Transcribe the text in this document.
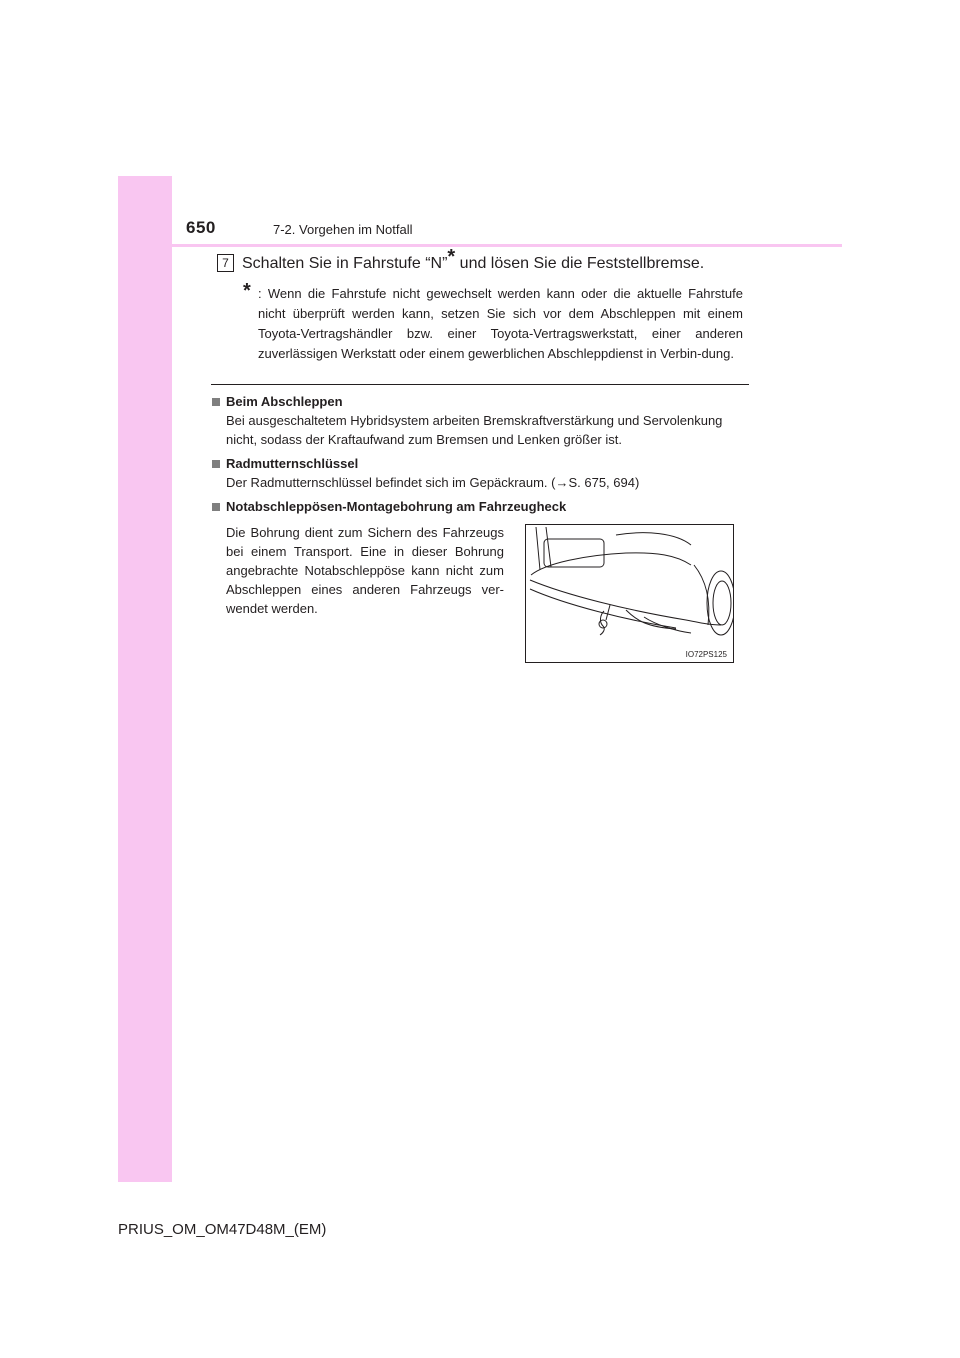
650	7-2. Vorgehen im Notfall
7 Schalten Sie in Fahrstufe “N”* und lösen Sie die Feststellbremse.
* : Wenn die Fahrstufe nicht gewechselt werden kann oder die aktuelle Fahrstufe nicht überprüft werden kann, setzen Sie sich vor dem Abschleppen mit einem Toyota-Vertragshändler bzw. einer Toyota-Vertragswerkstatt, einer anderen zuverlässigen Werkstatt oder einem gewerblichen Abschleppdienst in Verbin-dung.
Beim Abschleppen
Bei ausgeschaltetem Hybridsystem arbeiten Bremskraftverstärkung und Servolenkung nicht, sodass der Kraftaufwand zum Bremsen und Lenken größer ist.
Radmutternschlüssel
Der Radmutternschlüssel befindet sich im Gepäckraum. (→S. 675, 694)
Notabschleppösen-Montagebohrung am Fahrzeugheck
Die Bohrung dient zum Sichern des Fahrzeugs bei einem Transport. Eine in dieser Bohrung angebrachte Notabschleppöse kann nicht zum Abschleppen eines anderen Fahrzeugs ver-wendet werden.
IO72PS125
PRIUS_OM_OM47D48M_(EM)
